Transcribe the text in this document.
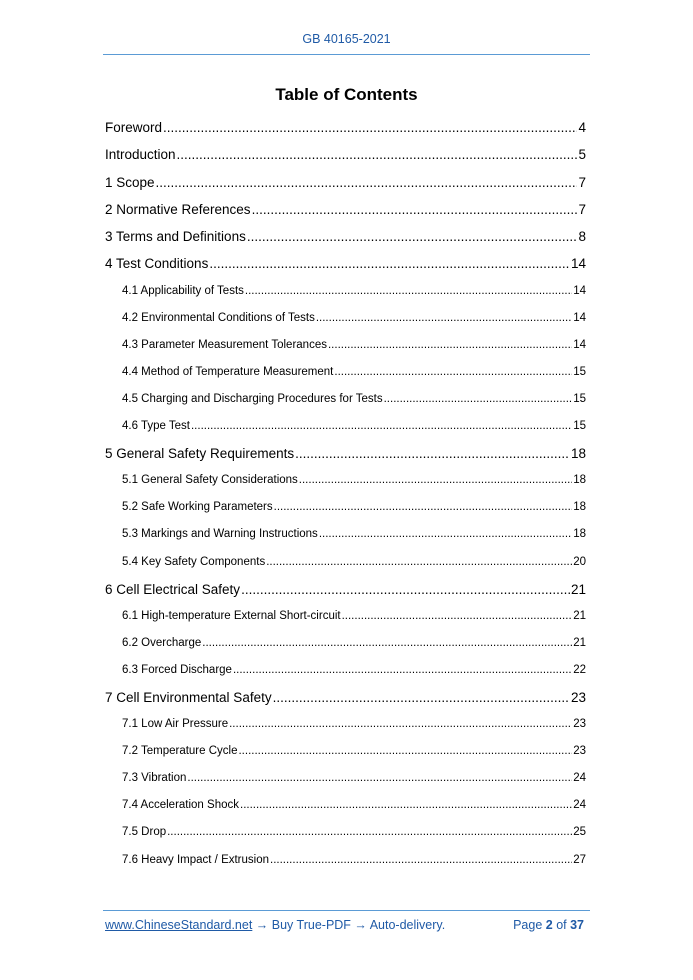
GB 40165-2021
Table of Contents
Foreword .....	4
Introduction .....	5
1 Scope .....	7
2 Normative References .....	7
3 Terms and Definitions .....	8
4 Test Conditions .....	14
4.1 Applicability of Tests .....	14
4.2 Environmental Conditions of Tests .....	14
4.3 Parameter Measurement Tolerances .....	14
4.4 Method of Temperature Measurement .....	15
4.5 Charging and Discharging Procedures for Tests .....	15
4.6 Type Test .....	15
5 General Safety Requirements .....	18
5.1 General Safety Considerations .....	18
5.2 Safe Working Parameters .....	18
5.3 Markings and Warning Instructions .....	18
5.4 Key Safety Components .....	20
6 Cell Electrical Safety .....	21
6.1 High-temperature External Short-circuit .....	21
6.2 Overcharge .....	21
6.3 Forced Discharge .....	22
7 Cell Environmental Safety .....	23
7.1 Low Air Pressure .....	23
7.2 Temperature Cycle .....	23
7.3 Vibration .....	24
7.4 Acceleration Shock .....	24
7.5 Drop .....	25
7.6 Heavy Impact / Extrusion .....	27
www.ChineseStandard.net → Buy True-PDF → Auto-delivery.	Page 2 of 37
